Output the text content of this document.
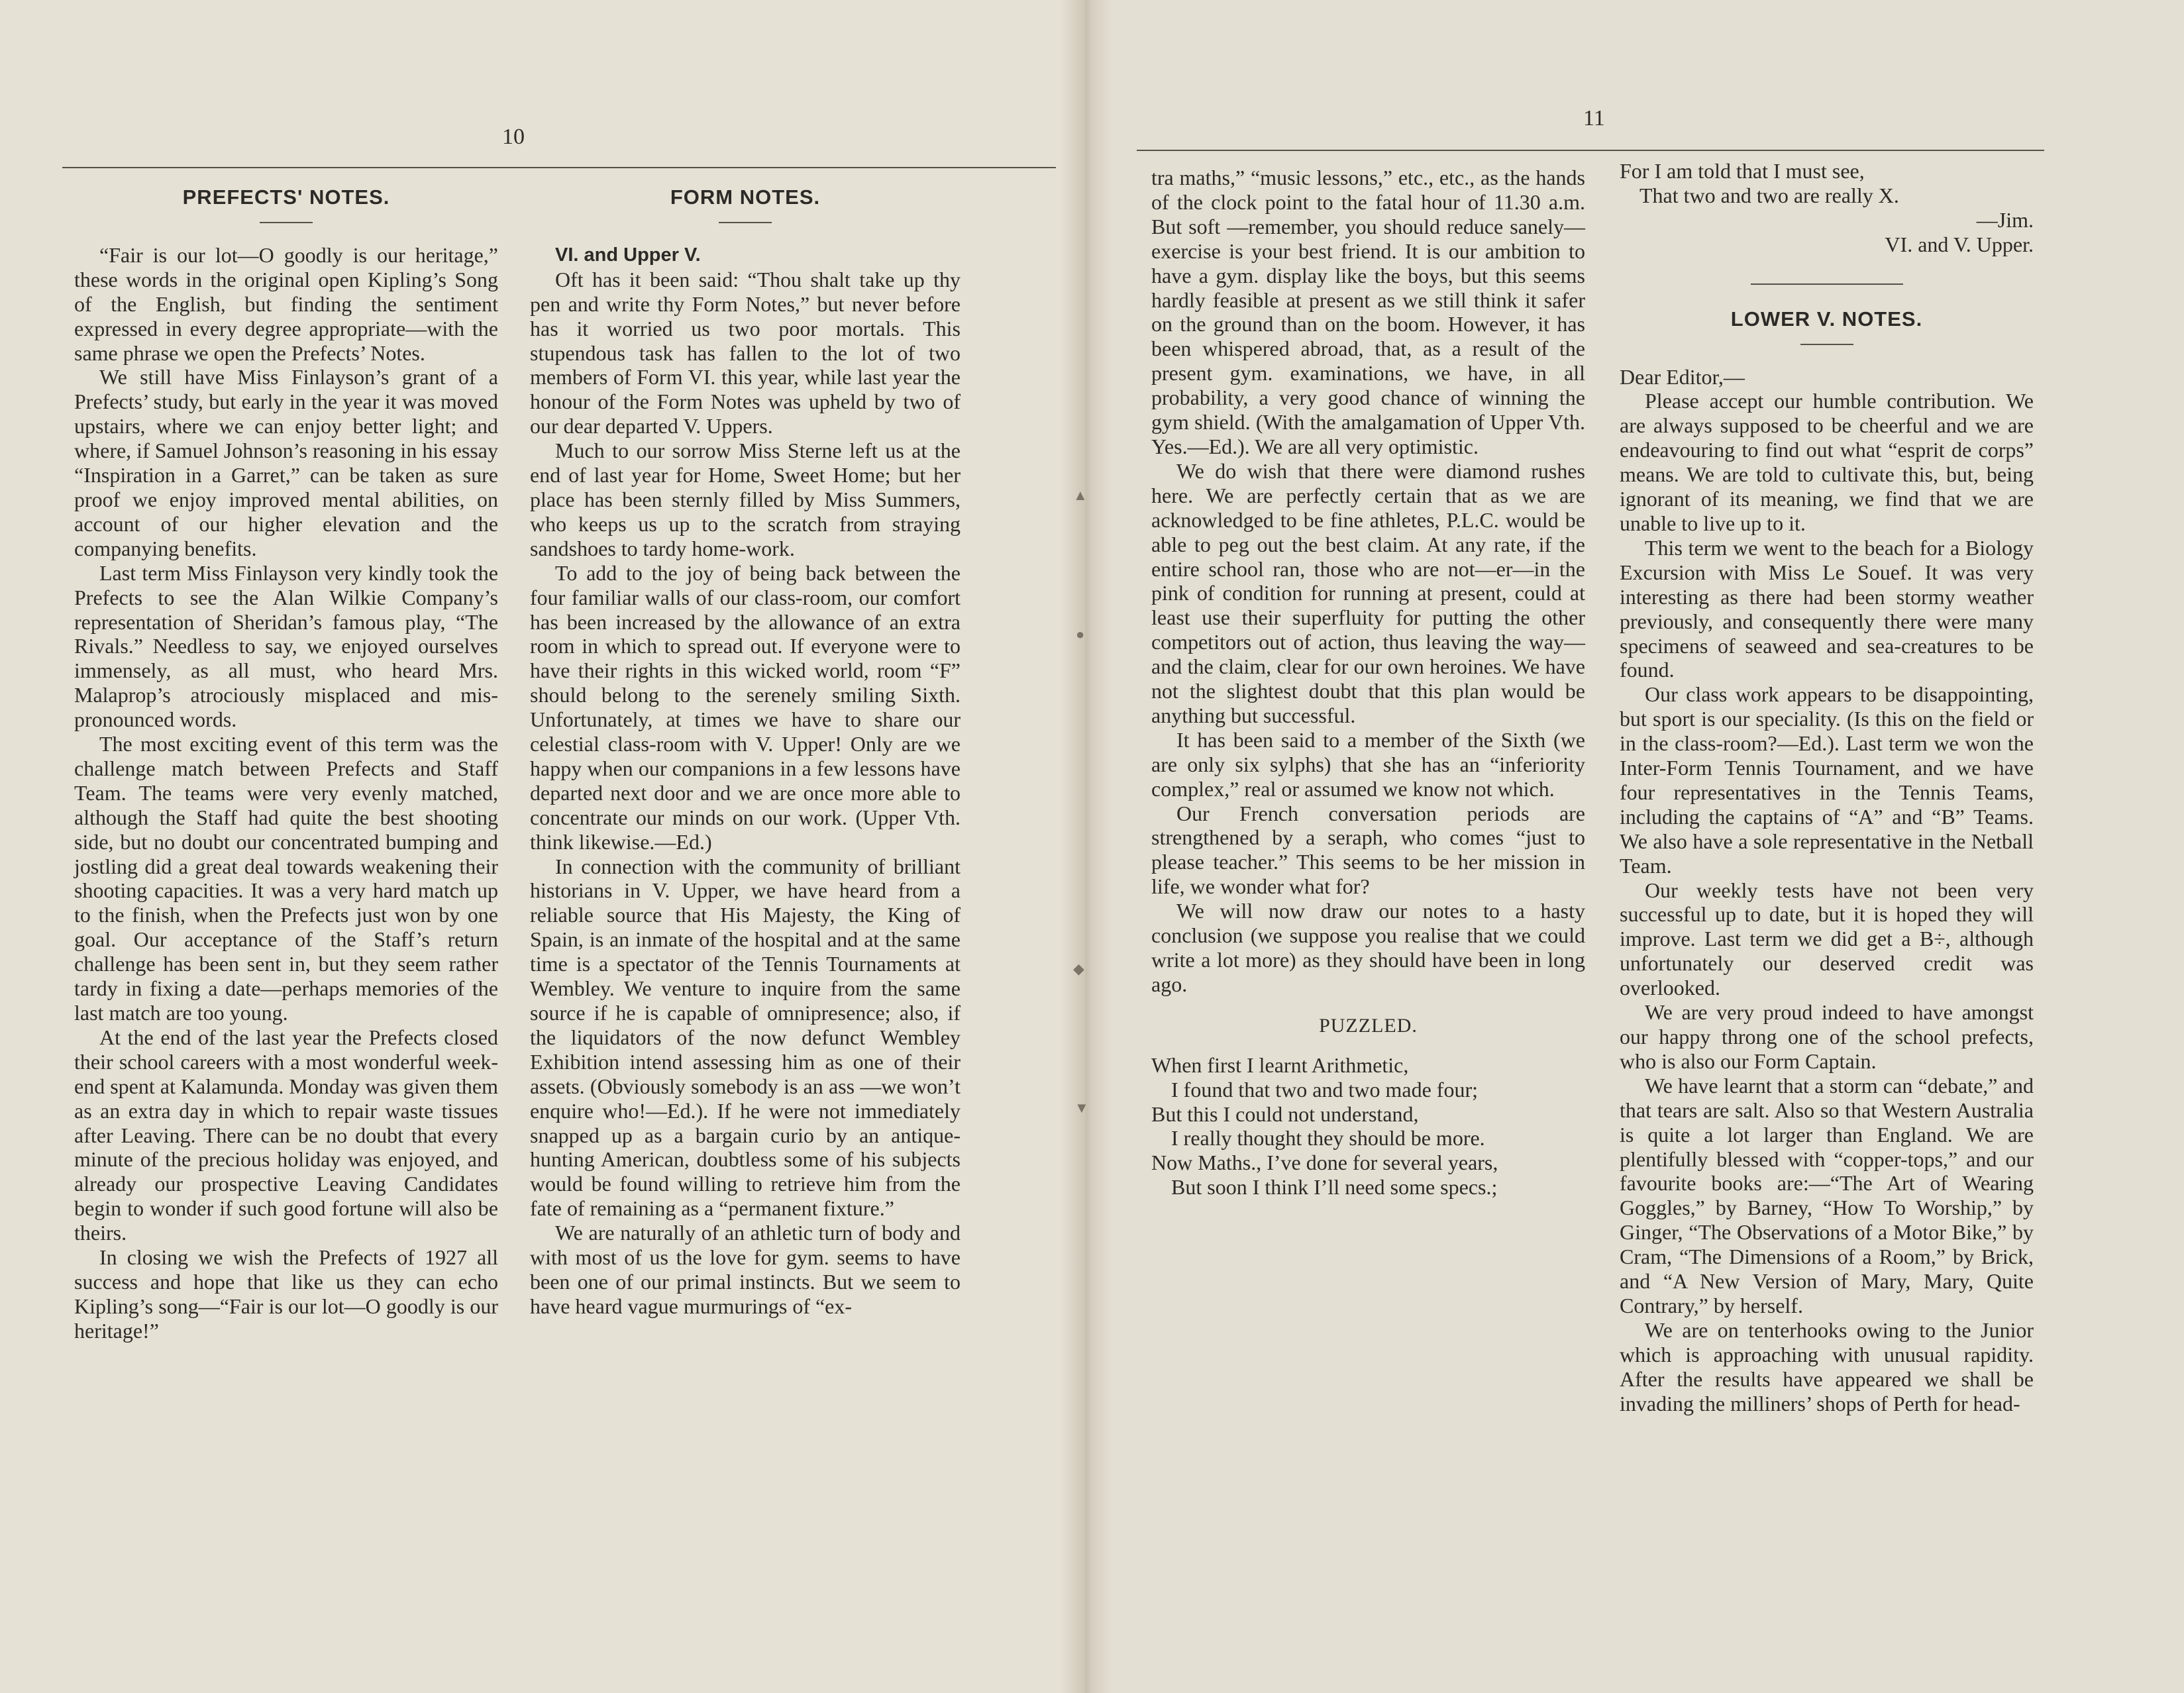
10
PREFECTS' NOTES.

“Fair is our lot—O goodly is our heritage,” these words in the original open Kipling’s Song of the English, but finding the sentiment expressed in every degree appropriate—with the same phrase we open the Prefects’ Notes.

We still have Miss Finlayson’s grant of a Prefects’ study, but early in the year it was moved upstairs, where we can enjoy better light; and where, if Samuel Johnson’s reasoning in his essay “Inspiration in a Garret,” can be taken as sure proof we enjoy improved mental abilities, on account of our higher elevation and the companying benefits.

Last term Miss Finlayson very kindly took the Prefects to see the Alan Wilkie Company’s representation of Sheridan’s famous play, “The Rivals.” Needless to say, we enjoyed ourselves immensely, as all must, who heard Mrs. Malaprop’s atrociously misplaced and mis-pronounced words.

The most exciting event of this term was the challenge match between Prefects and Staff Team. The teams were very evenly matched, although the Staff had quite the best shooting side, but no doubt our concentrated bumping and jostling did a great deal towards weakening their shooting capacities. It was a very hard match up to the finish, when the Prefects just won by one goal. Our acceptance of the Staff’s return challenge has been sent in, but they seem rather tardy in fixing a date—perhaps memories of the last match are too young.

At the end of the last year the Prefects closed their school careers with a most wonderful week-end spent at Kalamunda. Monday was given them as an extra day in which to repair waste tissues after Leaving. There can be no doubt that every minute of the precious holiday was enjoyed, and already our prospective Leaving Candidates begin to wonder if such good fortune will also be theirs.

In closing we wish the Prefects of 1927 all success and hope that like us they can echo Kipling’s song—“Fair is our lot—O goodly is our heritage!”

FORM NOTES.

VI. and Upper V.

Oft has it been said: “Thou shalt take up thy pen and write thy Form Notes,” but never before has it worried us two poor mortals. This stupendous task has fallen to the lot of two members of Form VI. this year, while last year the honour of the Form Notes was upheld by two of our dear departed V. Uppers.

Much to our sorrow Miss Sterne left us at the end of last year for Home, Sweet Home; but her place has been sternly filled by Miss Summers, who keeps us up to the scratch from straying sandshoes to tardy home-work.

To add to the joy of being back between the four familiar walls of our class-room, our comfort has been increased by the allowance of an extra room in which to spread out. If everyone were to have their rights in this wicked world, room “F” should belong to the serenely smiling Sixth. Unfortunately, at times we have to share our celestial class-room with V. Upper! Only are we happy when our companions in a few lessons have departed next door and we are once more able to concentrate our minds on our work. (Upper Vth. think likewise.—Ed.)

In connection with the community of brilliant historians in V. Upper, we have heard from a reliable source that His Majesty, the King of Spain, is an inmate of the hospital and at the same time is a spectator of the Tennis Tournaments at Wembley. We venture to inquire from the same source if he is capable of omnipresence; also, if the liquidators of the now defunct Wembley Exhibition intend assessing him as one of their assets. (Obviously somebody is an ass —we won’t enquire who!—Ed.). If he were not immediately snapped up as a bargain curio by an antique-hunting American, doubtless some of his subjects would be found willing to retrieve him from the fate of remaining as a “permanent fixture.”

We are naturally of an athletic turn of body and with most of us the love for gym. seems to have been one of our primal instincts. But we seem to have heard vague murmurings of “ex-

11
▲
●
◆
▼

tra maths,” “music lessons,” etc., etc., as the hands of the clock point to the fatal hour of 11.30 a.m. But soft —remember, you should reduce sanely—exercise is your best friend. It is our ambition to have a gym. display like the boys, but this seems hardly feasible at present as we still think it safer on the ground than on the boom. However, it has been whispered abroad, that, as a result of the present gym. examinations, we have, in all probability, a very good chance of winning the gym shield. (With the amalgamation of Upper Vth. Yes.—Ed.). We are all very optimistic.

We do wish that there were diamond rushes here. We are perfectly certain that as we are acknowledged to be fine athletes, P.L.C. would be able to peg out the best claim. At any rate, if the entire school ran, those who are not—er—in the pink of condition for running at present, could at least use their superfluity for putting the other competitors out of action, thus leaving the way—and the claim, clear for our own heroines. We have not the slightest doubt that this plan would be anything but successful.

It has been said to a member of the Sixth (we are only six sylphs) that she has an “inferiority complex,” real or assumed we know not which.

Our French conversation periods are strengthened by a seraph, who comes “just to please teacher.” This seems to be her mission in life, we wonder what for?

We will now draw our notes to a hasty conclusion (we suppose you realise that we could write a lot more) as they should have been in long ago.

PUZZLED.
When first I learnt Arithmetic,
I found that two and two made four;
But this I could not understand,
I really thought they should be more.
Now Maths., I’ve done for several years,
But soon I think I’ll need some specs.;
For I am told that I must see,
That two and two are really X.

—Jim.

VI. and V. Upper.

LOWER V. NOTES.

Dear Editor,—

Please accept our humble contribution. We are always supposed to be cheerful and we are endeavouring to find out what “esprit de corps” means. We are told to cultivate this, but, being ignorant of its meaning, we find that we are unable to live up to it.

This term we went to the beach for a Biology Excursion with Miss Le Souef. It was very interesting as there had been stormy weather previously, and consequently there were many specimens of seaweed and sea-creatures to be found.

Our class work appears to be disappointing, but sport is our speciality. (Is this on the field or in the class-room?—Ed.). Last term we won the Inter-Form Tennis Tournament, and we have four representatives in the Tennis Teams, including the captains of “A” and “B” Teams. We also have a sole representative in the Netball Team.

Our weekly tests have not been very successful up to date, but it is hoped they will improve. Last term we did get a B÷, although unfortunately our deserved credit was overlooked.

We are very proud indeed to have amongst our happy throng one of the school prefects, who is also our Form Captain.

We have learnt that a storm can “debate,” and that tears are salt. Also so that Western Australia is quite a lot larger than England. We are plentifully blessed with “copper-tops,” and our favourite books are:—“The Art of Wearing Goggles,” by Barney, “How To Worship,” by Ginger, “The Observations of a Motor Bike,” by Cram, “The Dimensions of a Room,” by Brick, and “A New Version of Mary, Mary, Quite Contrary,” by herself.

We are on tenterhooks owing to the Junior which is approaching with unusual rapidity. After the results have appeared we shall be invading the milliners’ shops of Perth for head-
